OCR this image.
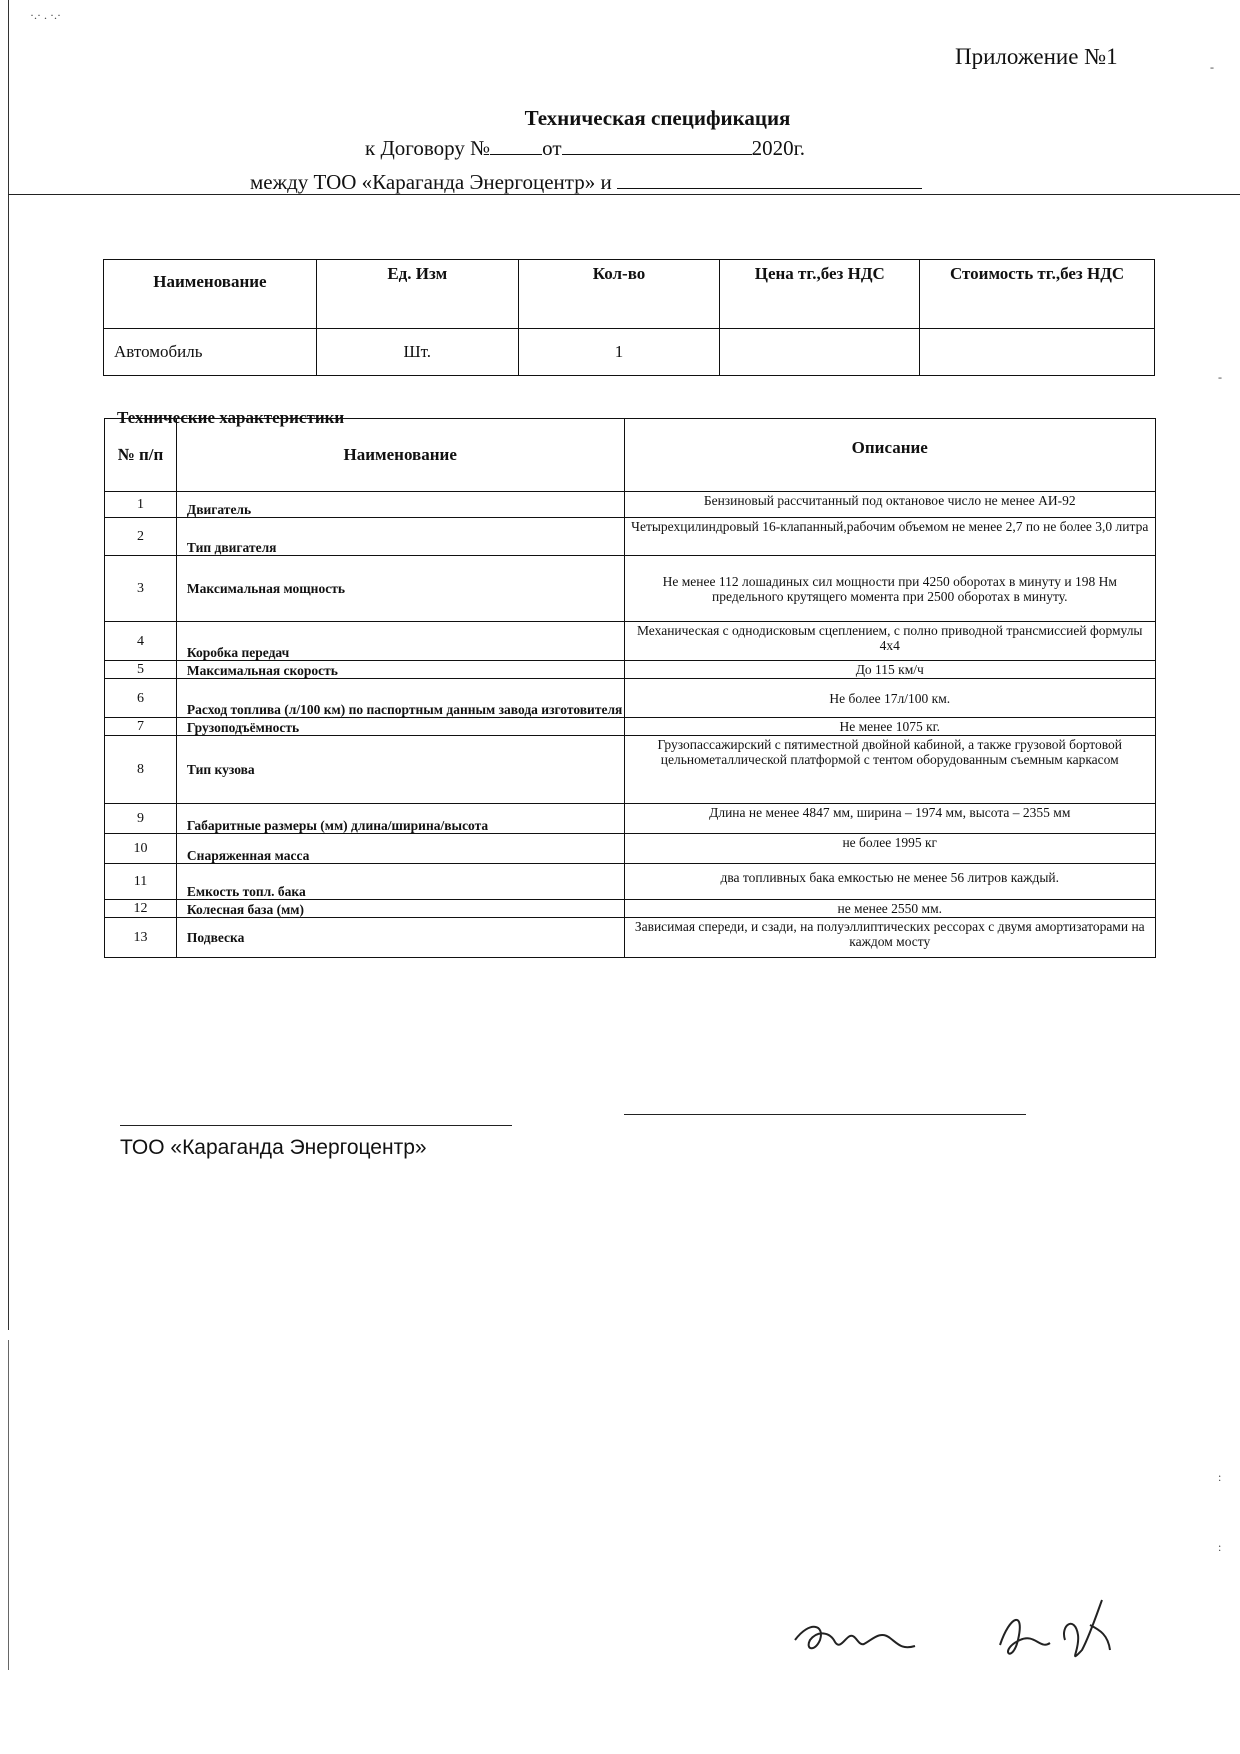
·.· . ·.·
Приложение №1
Техническая спецификация
к Договору № от	2020г.
между ТОО «Караганда Энергоцентр» и
Наименование	Ед. Изм	Кол-во	Цена тг.,без НДС	Стоимость тг.,без НДС
Автомобиль	Шт.	1		
Технические характеристики
№ п/п	Наименование	Описание
1	Двигатель	Бензиновый рассчитанный под октановое число не менее АИ-92
2	Тип двигателя	Четырехцилиндровый 16-клапанный,рабочим объемом не менее 2,7 по не более 3,0 литра
3	Максимальная мощность	Не менее 112 лошадиных сил мощности при 4250 оборотах в минуту и 198 Нм предельного крутящего момента при 2500 оборотах в минуту.
4	Коробка передач	Механическая с однодисковым сцеплением, с полно приводной трансмиссией формулы 4х4
5	Максимальная скорость	До 115 км/ч
6	Расход топлива (л/100 км) по паспортным данным завода изготовителя	Не более 17л/100 км.
7	Грузоподъёмность	Не менее 1075 кг.
8	Тип кузова	Грузопассажирский с пятиместной двойной кабиной, а также грузовой бортовой цельнометаллической платформой с тентом оборудованным съемным каркасом
9	Габаритные размеры (мм) длина/ширина/высота	Длина не менее 4847 мм, ширина – 1974 мм, высота – 2355 мм
10	Снаряженная масса	не более 1995 кг
11	Емкость топл. бака	два топливных бака емкостью не менее 56 литров каждый.
12	Колесная база (мм)	не менее 2550 мм.
13	Подвеска	Зависимая спереди, и сзади, на полуэллиптических рессорах с двумя амортизаторами на каждом мосту
ТОО «Караганда Энергоцентр»
-
-
:
:
